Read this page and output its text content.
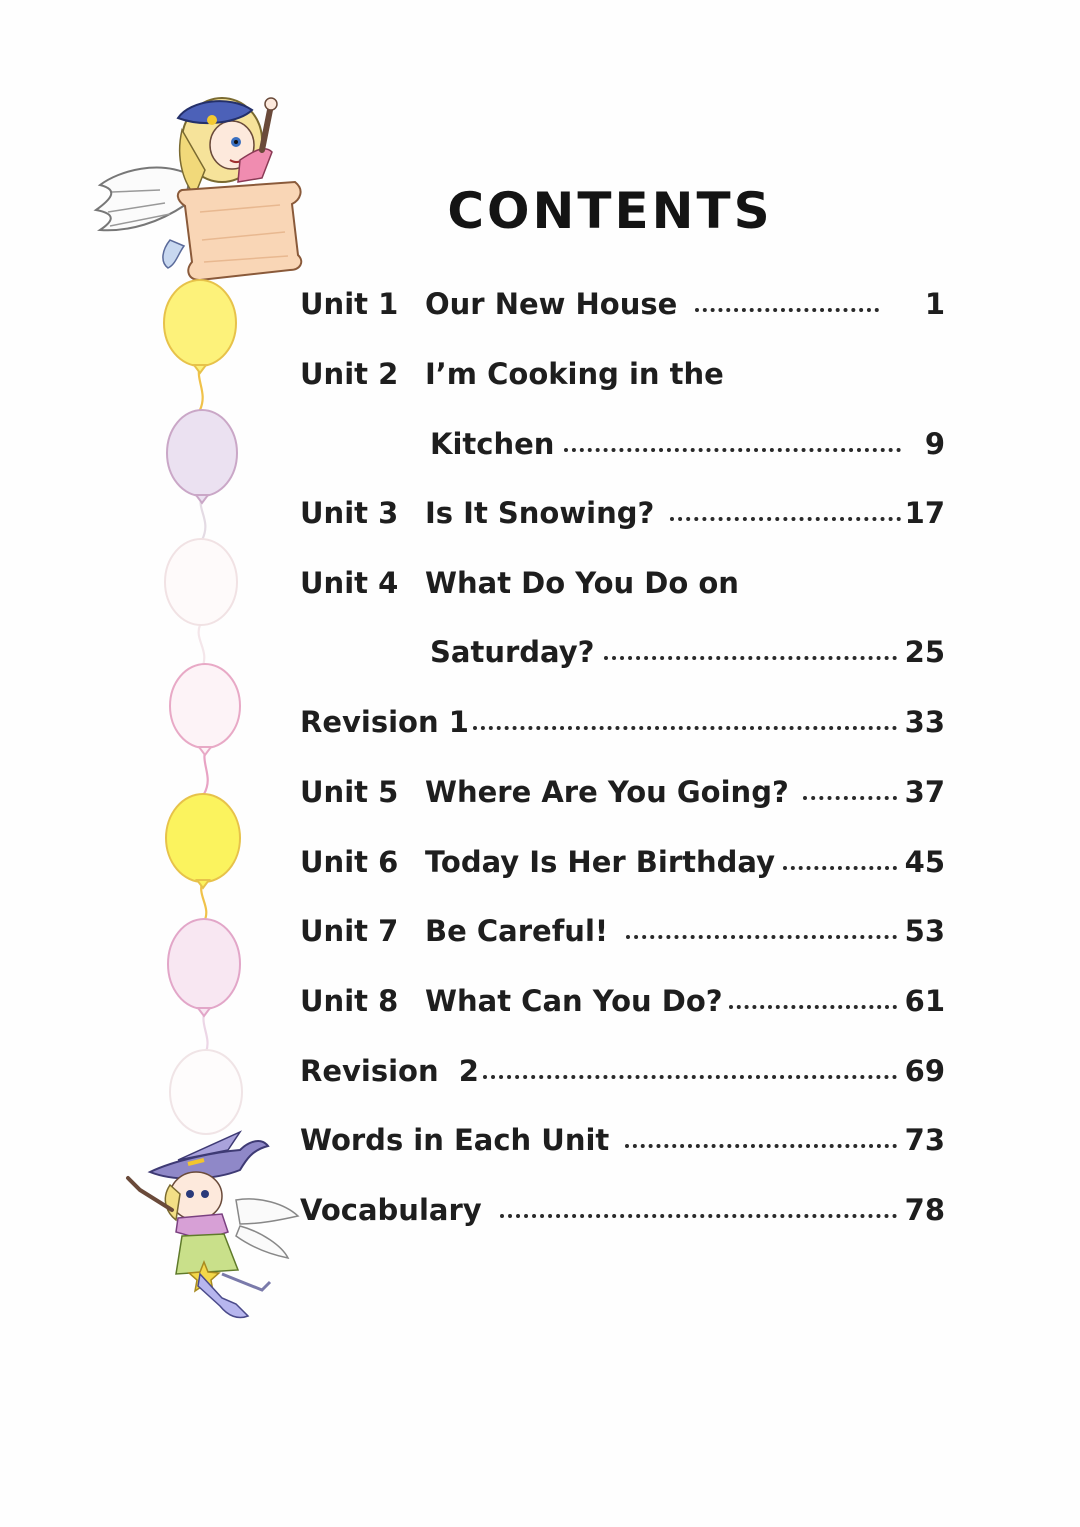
CONTENTS
Unit 1 Our New House	1
Unit 2 I’m Cooking in the
Kitchen	9
Unit 3 Is It Snowing?	17
Unit 4 What Do You Do on
Saturday?	25
Revision 1	33
Unit 5 Where Are You Going?	37
Unit 6 Today Is Her Birthday	45
Unit 7 Be Careful!	53
Unit 8 What Can You Do?	61
Revision  2	69
Words in Each Unit	73
Vocabulary	78
